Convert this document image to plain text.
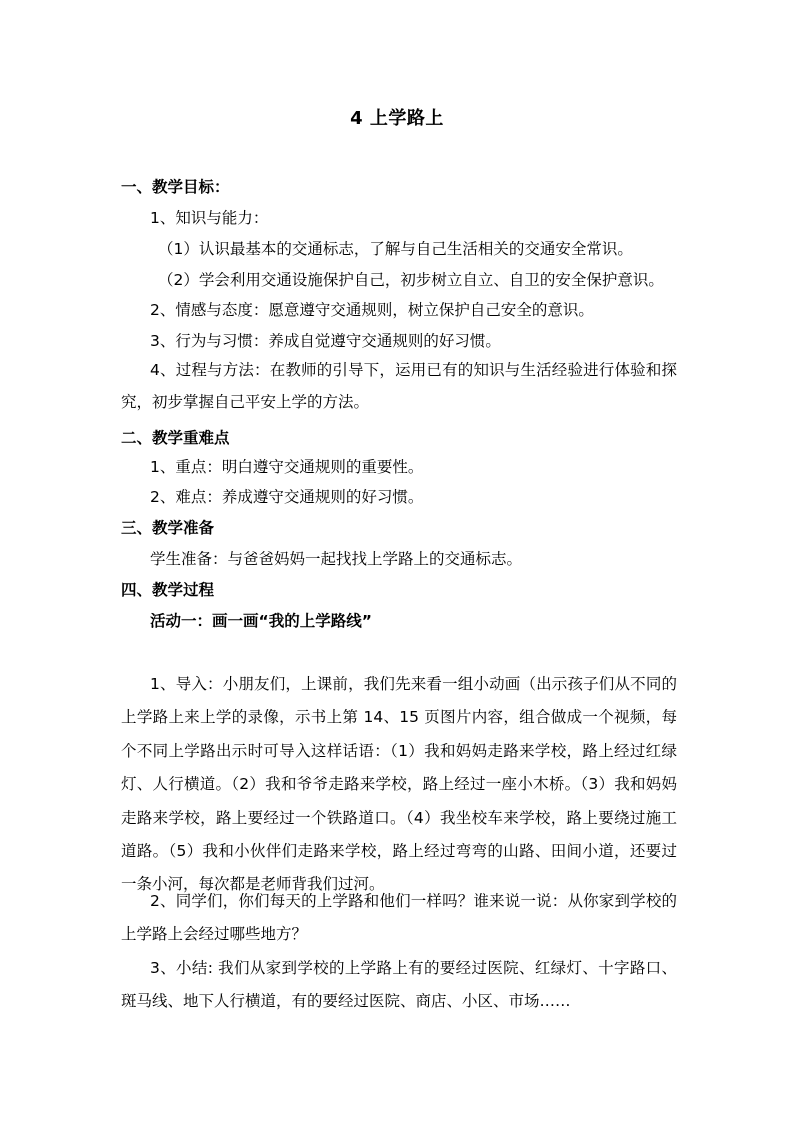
4 上学路上
一、教学目标：
1、知识与能力：
（1）认识最基本的交通标志，了解与自己生活相关的交通安全常识。
（2）学会利用交通设施保护自己，初步树立自立、自卫的安全保护意识。
2、情感与态度：愿意遵守交通规则，树立保护自己安全的意识。
3、行为与习惯：养成自觉遵守交通规则的好习惯。
4、过程与方法：在教师的引导下，运用已有的知识与生活经验进行体验和探究，初步掌握自己平安上学的方法。
二、教学重难点
1、重点：明白遵守交通规则的重要性。
2、难点：养成遵守交通规则的好习惯。
三、教学准备
学生准备：与爸爸妈妈一起找找上学路上的交通标志。
四、教学过程
活动一：画一画“我的上学路线”
1、导入：小朋友们，上课前，我们先来看一组小动画（出示孩子们从不同的上学路上来上学的录像，示书上第 14、15 页图片内容，组合做成一个视频，每个不同上学路出示时可导入这样话语：（1）我和妈妈走路来学校，路上经过红绿灯、人行横道。（2）我和爷爷走路来学校，路上经过一座小木桥。（3）我和妈妈走路来学校，路上要经过一个铁路道口。（4）我坐校车来学校，路上要绕过施工道路。（5）我和小伙伴们走路来学校，路上经过弯弯的山路、田间小道，还要过一条小河，每次都是老师背我们过河。
2、同学们，你们每天的上学路和他们一样吗？谁来说一说：从你家到学校的上学路上会经过哪些地方？
3、小结: 我们从家到学校的上学路上有的要经过医院、红绿灯、十字路口、斑马线、地下人行横道，有的要经过医院、商店、小区、市场……
